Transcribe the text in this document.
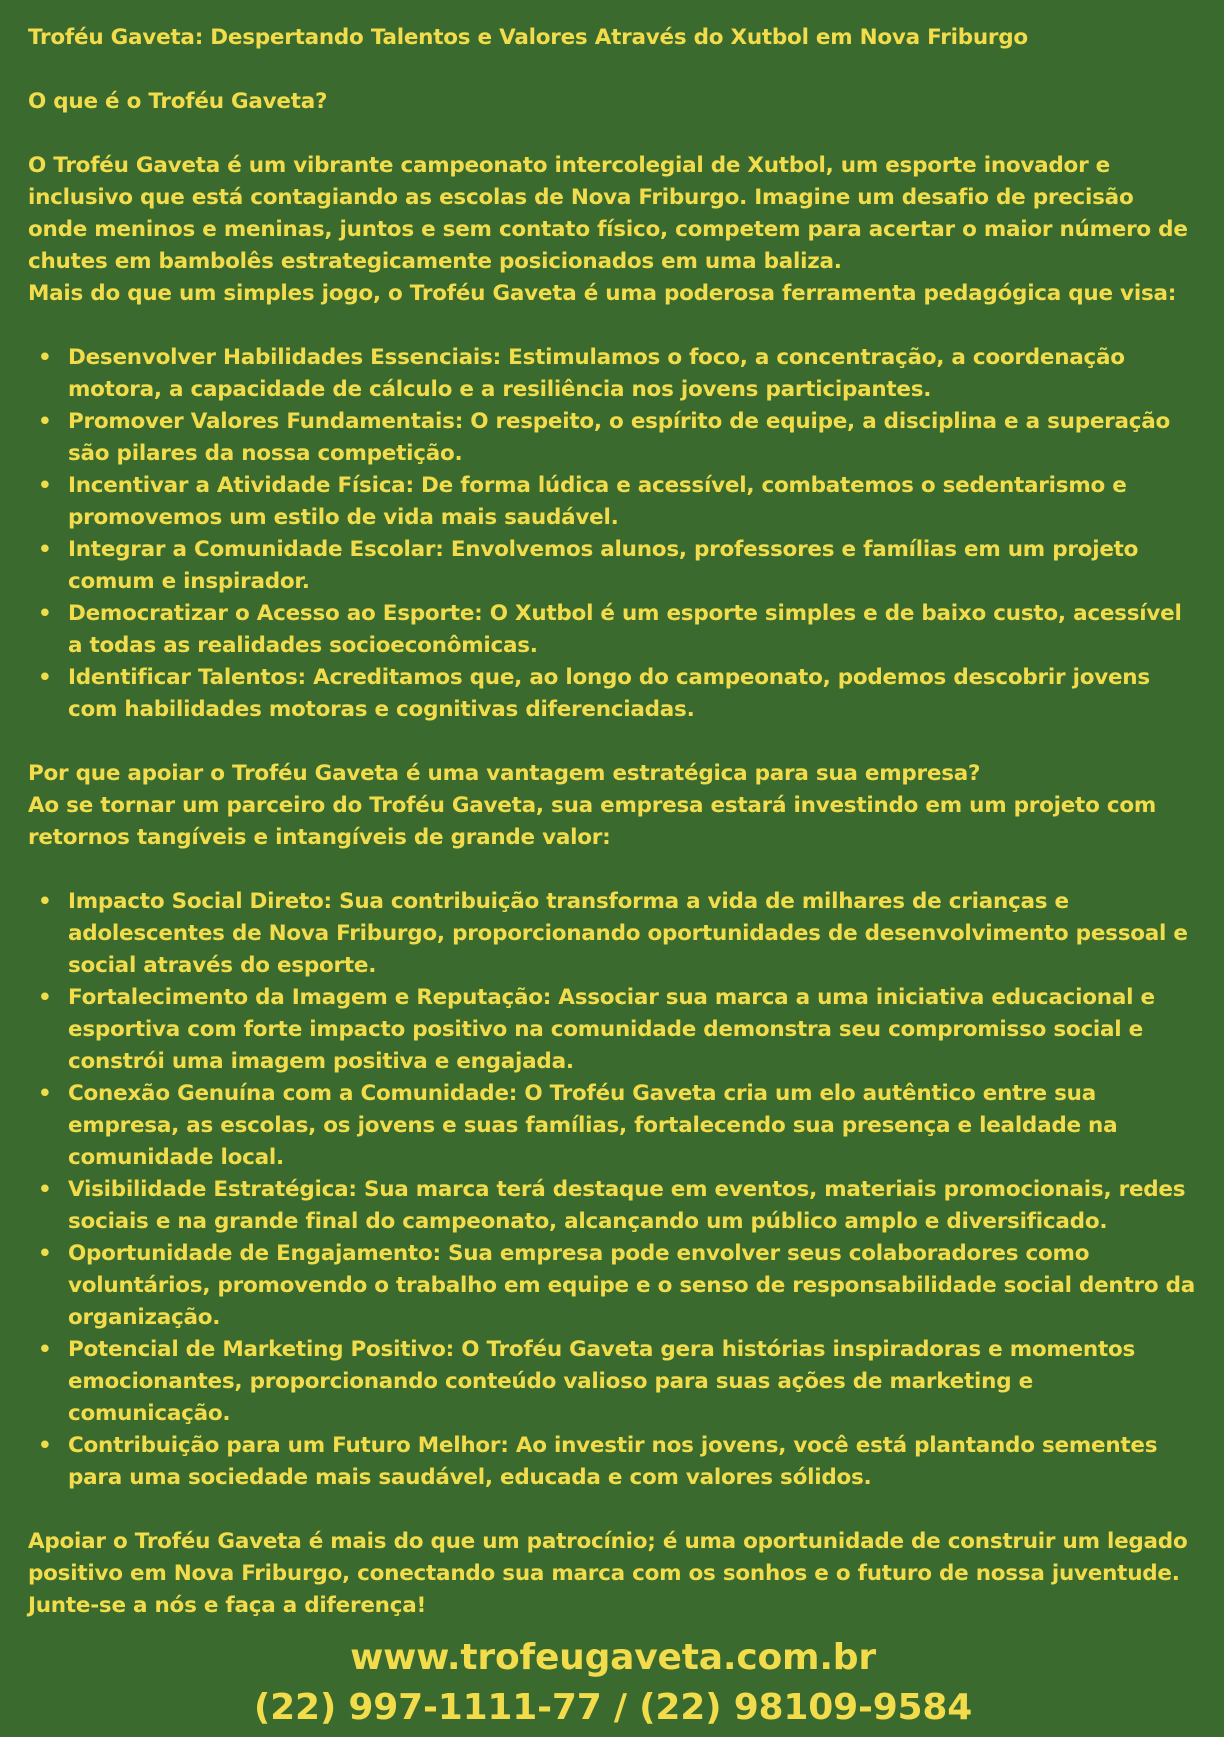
Troféu Gaveta: Despertando Talentos e Valores Através do Xutbol em Nova Friburgo

O que é o Troféu Gaveta?

O Troféu Gaveta é um vibrante campeonato intercolegial de Xutbol, um esporte inovador e inclusivo que está contagiando as escolas de Nova Friburgo. Imagine um desafio de precisão onde meninos e meninas, juntos e sem contato físico, competem para acertar o maior número de chutes em bambolês estrategicamente posicionados em uma baliza.

Mais do que um simples jogo, o Troféu Gaveta é uma poderosa ferramenta pedagógica que visa:

• Desenvolver Habilidades Essenciais: Estimulamos o foco, a concentração, a coordenação motora, a capacidade de cálculo e a resiliência nos jovens participantes.
• Promover Valores Fundamentais: O respeito, o espírito de equipe, a disciplina e a superação são pilares da nossa competição.
• Incentivar a Atividade Física: De forma lúdica e acessível, combatemos o sedentarismo e promovemos um estilo de vida mais saudável.
• Integrar a Comunidade Escolar: Envolvemos alunos, professores e famílias em um projeto comum e inspirador.
• Democratizar o Acesso ao Esporte: O Xutbol é um esporte simples e de baixo custo, acessível a todas as realidades socioeconômicas.
• Identificar Talentos: Acreditamos que, ao longo do campeonato, podemos descobrir jovens com habilidades motoras e cognitivas diferenciadas.

Por que apoiar o Troféu Gaveta é uma vantagem estratégica para sua empresa?

Ao se tornar um parceiro do Troféu Gaveta, sua empresa estará investindo em um projeto com retornos tangíveis e intangíveis de grande valor:

• Impacto Social Direto: Sua contribuição transforma a vida de milhares de crianças e adolescentes de Nova Friburgo, proporcionando oportunidades de desenvolvimento pessoal e social através do esporte.
• Fortalecimento da Imagem e Reputação: Associar sua marca a uma iniciativa educacional e esportiva com forte impacto positivo na comunidade demonstra seu compromisso social e constrói uma imagem positiva e engajada.
• Conexão Genuína com a Comunidade: O Troféu Gaveta cria um elo autêntico entre sua empresa, as escolas, os jovens e suas famílias, fortalecendo sua presença e lealdade na comunidade local.
• Visibilidade Estratégica: Sua marca terá destaque em eventos, materiais promocionais, redes sociais e na grande final do campeonato, alcançando um público amplo e diversificado.
• Oportunidade de Engajamento: Sua empresa pode envolver seus colaboradores como voluntários, promovendo o trabalho em equipe e o senso de responsabilidade social dentro da organização.
• Potencial de Marketing Positivo: O Troféu Gaveta gera histórias inspiradoras e momentos emocionantes, proporcionando conteúdo valioso para suas ações de marketing e comunicação.
• Contribuição para um Futuro Melhor: Ao investir nos jovens, você está plantando sementes para uma sociedade mais saudável, educada e com valores sólidos.

Apoiar o Troféu Gaveta é mais do que um patrocínio; é uma oportunidade de construir um legado positivo em Nova Friburgo, conectando sua marca com os sonhos e o futuro de nossa juventude. Junte-se a nós e faça a diferença!

www.trofeugaveta.com.br
(22) 997-1111-77 / (22) 98109-9584
